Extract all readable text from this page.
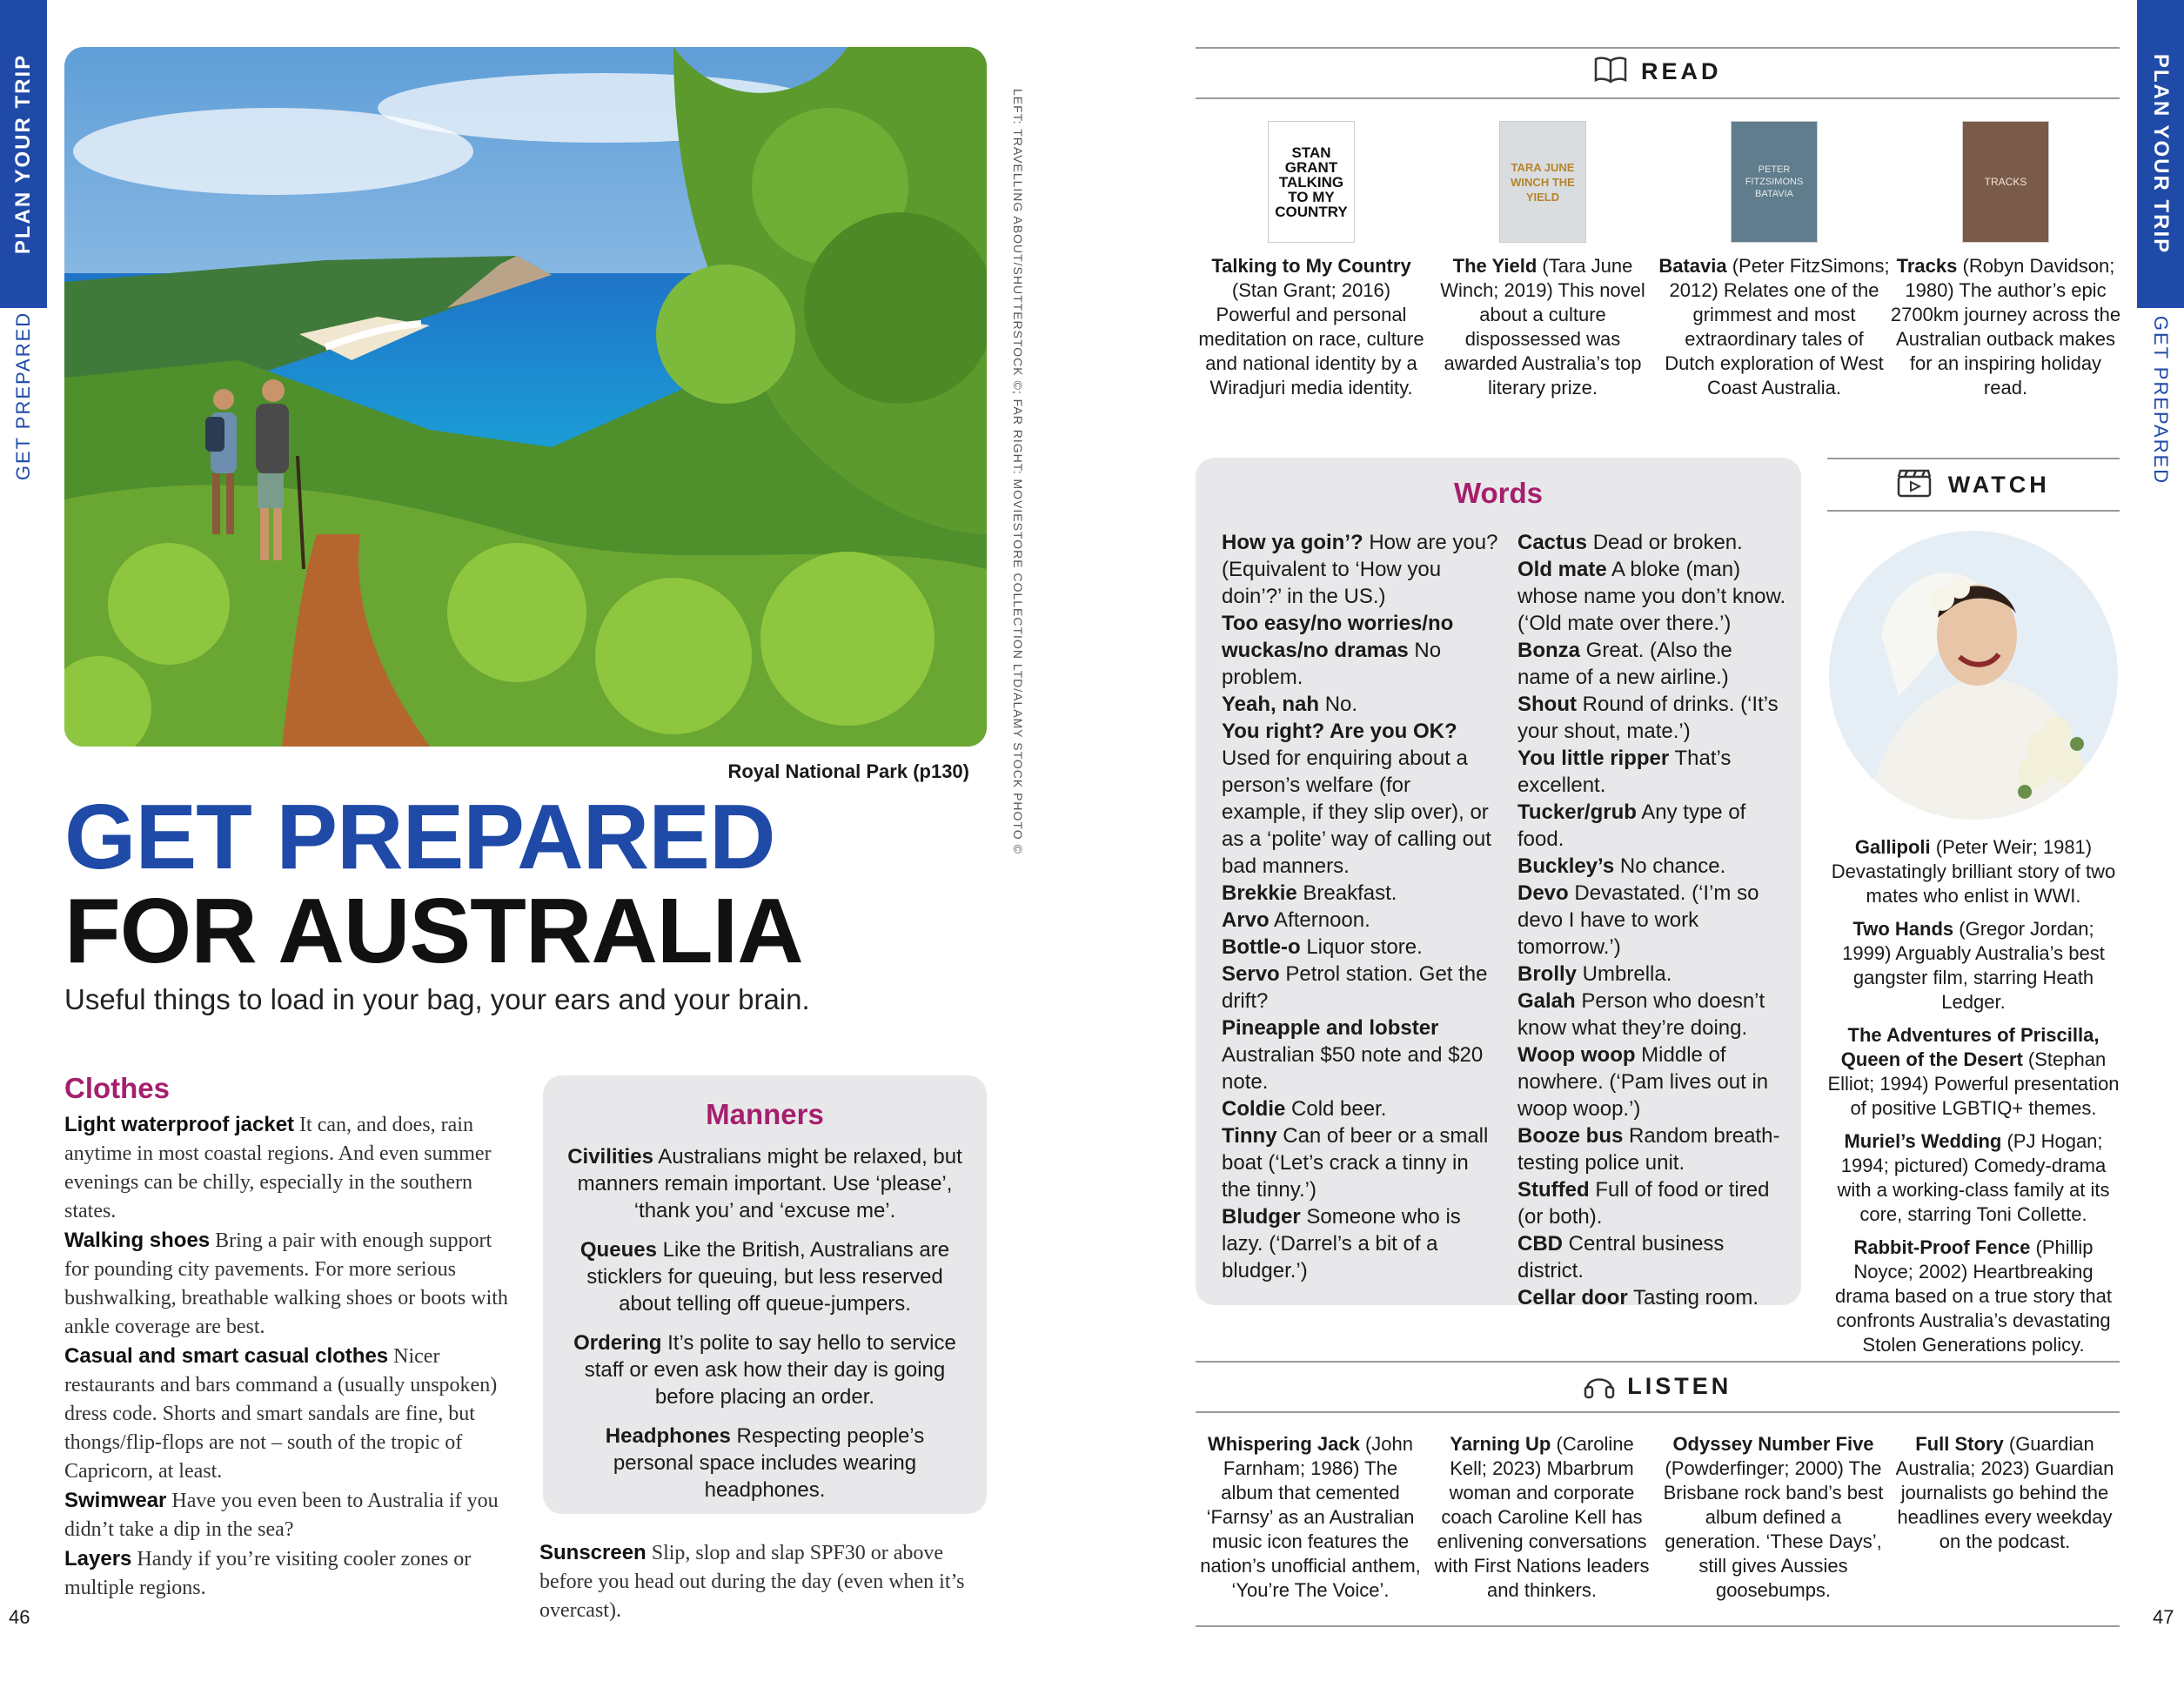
PLAN YOUR TRIP
GET PREPARED	LEFT: TRAVELLING ABOUT/SHUTTERSTOCK ©; FAR RIGHT: MOVIESTORE COLLECTION LTD/ALAMY STOCK PHOTO ©
Royal National Park (p130)
GET PREPARED
FOR AUSTRALIA
Useful things to load in your bag, your ears and your brain.
Clothes
Light waterproof jacket It can, and does, rain anytime in most coastal regions. And even summer evenings can be chilly, especially in the southern states.
Walking shoes Bring a pair with enough support for pounding city pavements. For more serious bushwalking, breathable walking shoes or boots with ankle coverage are best.
Casual and smart casual clothes Nicer restaurants and bars command a (usually unspoken) dress code. Shorts and smart sandals are fine, but thongs/flip-flops are not – south of the tropic of Capricorn, at least.
Swimwear Have you even been to Australia if you didn’t take a dip in the sea?
Layers Handy if you’re visiting cooler zones or multiple regions.
Manners
Civilities Australians might be relaxed, but manners remain important. Use ‘please’, ‘thank you’ and ‘excuse me’.
Queues Like the British, Australians are sticklers for queuing, but less reserved about telling off queue-jumpers.
Ordering It’s polite to say hello to service staff or even ask how their day is going before placing an order.
Headphones Respecting people’s personal space includes wearing headphones.
Sunscreen Slip, slop and slap SPF30 or above before you head out during the day (even when it’s overcast).
46
PLAN YOUR TRIP
GET PREPARED
READ
STAN GRANT TALKING TO MY COUNTRY
Talking to My Country (Stan Grant; 2016) Powerful and personal meditation on race, culture and national identity by a Wiradjuri media identity.
TARA JUNE WINCH THE YIELD
The Yield (Tara June Winch; 2019) This novel about a culture dispossessed was awarded Australia’s top literary prize.
PETER FITZSIMONS BATAVIA
Batavia (Peter FitzSimons; 2012) Relates one of the grimmest and most extraordinary tales of Dutch exploration of West Coast Australia.
TRACKS
Tracks (Robyn Davidson; 1980) The author’s epic 2700km journey across the Australian outback makes for an inspiring holiday read.
Words
How ya goin’? How are you? (Equivalent to ‘How you doin’?’ in the US.)
Too easy/no worries/no wuckas/no dramas No problem.
Yeah, nah No.
You right? Are you OK? Used for enquiring about a person’s welfare (for example, if they slip over), or as a ‘polite’ way of calling out bad manners.
Brekkie Breakfast.
Arvo Afternoon.
Bottle-o Liquor store.
Servo Petrol station. Get the drift?
Pineapple and lobster Australian $50 note and $20 note.
Coldie Cold beer.
Tinny Can of beer or a small boat (‘Let’s crack a tinny in the tinny.’)
Bludger Someone who is lazy. (‘Darrel’s a bit of a bludger.’)
Cactus Dead or broken.
Old mate A bloke (man) whose name you don’t know. (‘Old mate over there.’)
Bonza Great. (Also the name of a new airline.)
Shout Round of drinks. (‘It’s your shout, mate.’)
You little ripper That’s excellent.
Tucker/grub Any type of food.
Buckley’s No chance.
Devo Devastated. (‘I’m so devo I have to work tomorrow.’)
Brolly Umbrella.
Galah Person who doesn’t know what they’re doing.
Woop woop Middle of nowhere. (‘Pam lives out in woop woop.’)
Booze bus Random breath-testing police unit.
Stuffed Full of food or tired (or both).
CBD Central business district.
Cellar door Tasting room.
WATCH
Gallipoli (Peter Weir; 1981) Devastatingly brilliant story of two mates who enlist in WWI.
Two Hands (Gregor Jordan; 1999) Arguably Australia’s best gangster film, starring Heath Ledger.
The Adventures of Priscilla, Queen of the Desert (Stephan Elliot; 1994) Powerful presentation of positive LGBTIQ+ themes.
Muriel’s Wedding (PJ Hogan; 1994; pictured) Comedy-drama with a working-class family at its core, starring Toni Collette.
Rabbit-Proof Fence (Phillip Noyce; 2002) Heartbreaking drama based on a true story that confronts Australia’s devastating Stolen Generations policy.
LISTEN
Whispering Jack (John Farnham; 1986) The album that cemented ‘Farnsy’ as an Australian music icon features the nation’s unofficial anthem, ‘You’re The Voice’.
Yarning Up (Caroline Kell; 2023) Mbarbrum woman and corporate coach Caroline Kell has enlivening conversations with First Nations leaders and thinkers.
Odyssey Number Five (Powderfinger; 2000) The Brisbane rock band’s best album defined a generation. ‘These Days’, still gives Aussies goosebumps.
Full Story (Guardian Australia; 2023) Guardian journalists go behind the headlines every weekday on the podcast.
47
